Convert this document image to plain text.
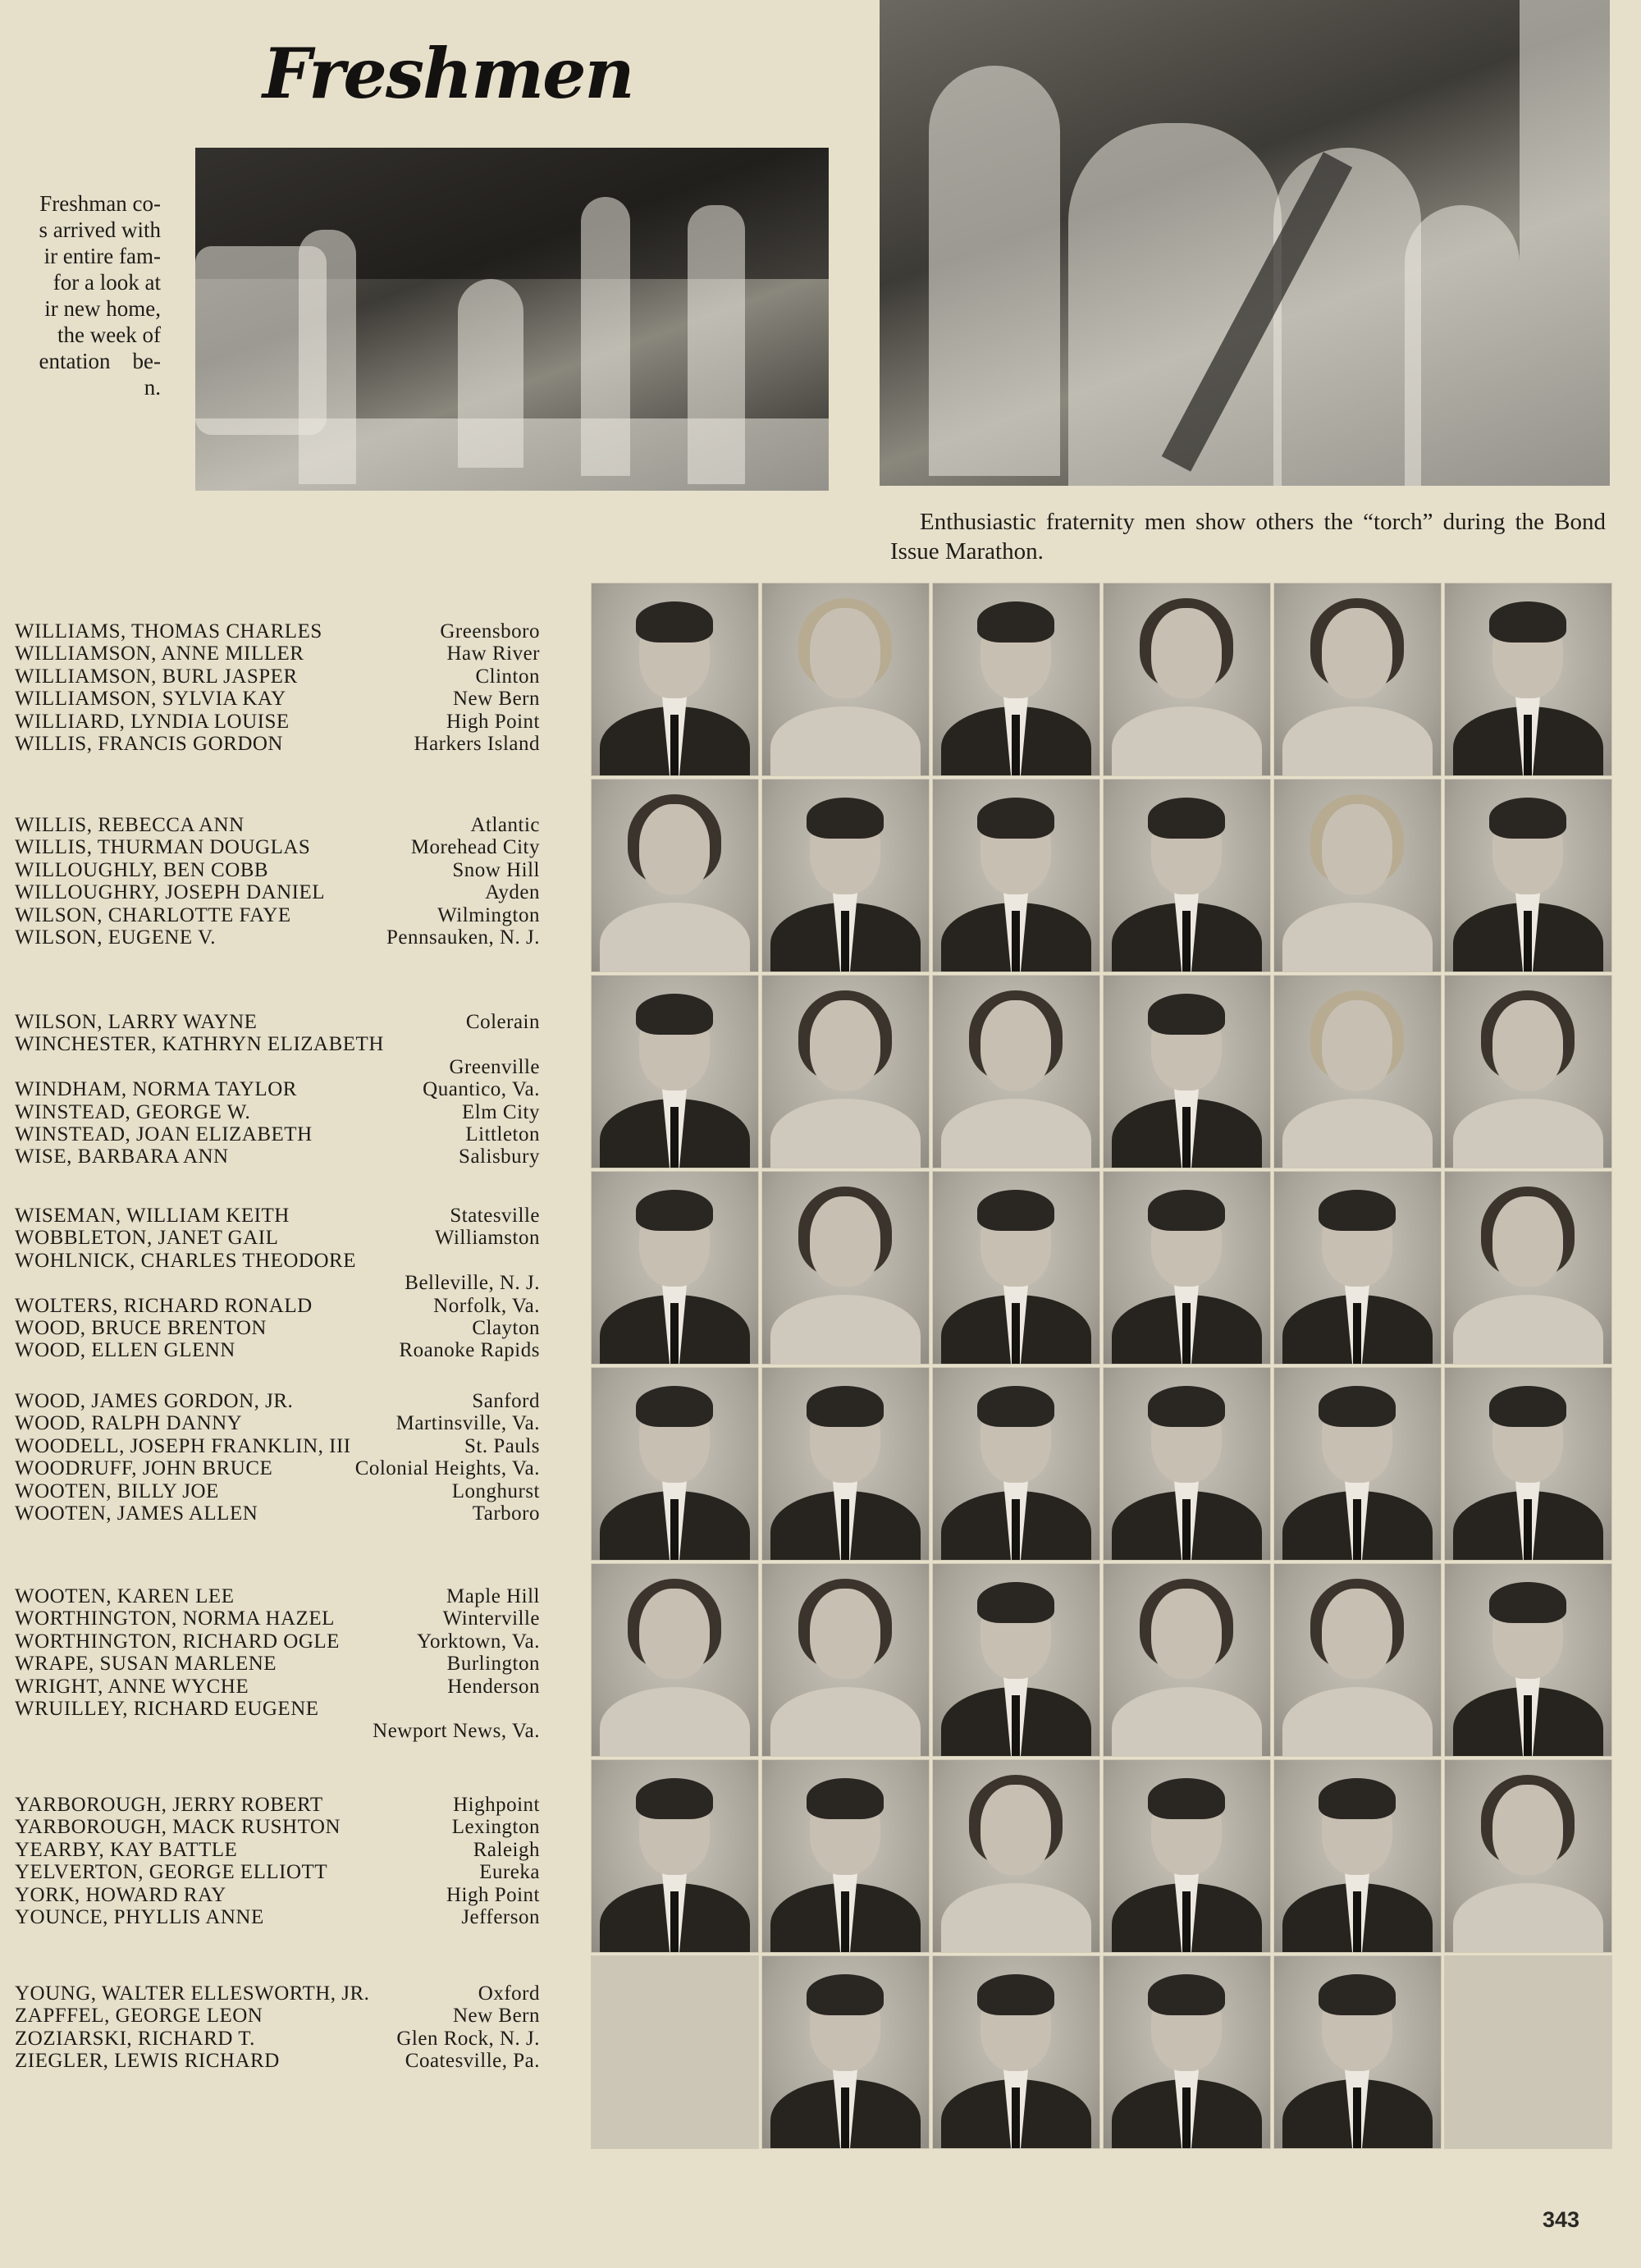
Freshmen
Freshman co-
s arrived with
ir entire fam-
for a look at
ir new home,
the week of
entation    be-
n.
Enthusiastic fraternity men show others the “torch” during the Bond Issue Marathon.
WILLIAMS, THOMAS CHARLES	Greensboro
WILLIAMSON, ANNE MILLER	Haw River
WILLIAMSON, BURL JASPER	Clinton
WILLIAMSON, SYLVIA KAY	New Bern
WILLIARD, LYNDIA LOUISE	High Point
WILLIS, FRANCIS GORDON	Harkers Island
WILLIS, REBECCA ANN	Atlantic
WILLIS, THURMAN DOUGLAS	Morehead City
WILLOUGHLY, BEN COBB	Snow Hill
WILLOUGHRY, JOSEPH DANIEL	Ayden
WILSON, CHARLOTTE FAYE	Wilmington
WILSON, EUGENE V.	Pennsauken, N. J.
WILSON, LARRY WAYNE	Colerain
WINCHESTER, KATHRYN ELIZABETH
Greenville
WINDHAM, NORMA TAYLOR	Quantico, Va.
WINSTEAD, GEORGE W.	Elm City
WINSTEAD, JOAN ELIZABETH	Littleton
WISE, BARBARA ANN	Salisbury
WISEMAN, WILLIAM KEITH	Statesville
WOBBLETON, JANET GAIL	Williamston
WOHLNICK, CHARLES THEODORE
Belleville, N. J.
WOLTERS, RICHARD RONALD	Norfolk, Va.
WOOD, BRUCE BRENTON	Clayton
WOOD, ELLEN GLENN	Roanoke Rapids
WOOD, JAMES GORDON, JR.	Sanford
WOOD, RALPH DANNY	Martinsville, Va.
WOODELL, JOSEPH FRANKLIN, III	St. Pauls
WOODRUFF, JOHN BRUCE	Colonial Heights, Va.
WOOTEN, BILLY JOE	Longhurst
WOOTEN, JAMES ALLEN	Tarboro
WOOTEN, KAREN LEE	Maple Hill
WORTHINGTON, NORMA HAZEL	Winterville
WORTHINGTON, RICHARD OGLE	Yorktown, Va.
WRAPE, SUSAN MARLENE	Burlington
WRIGHT, ANNE WYCHE	Henderson
WRUILLEY, RICHARD EUGENE
Newport News, Va.
YARBOROUGH, JERRY ROBERT	Highpoint
YARBOROUGH, MACK RUSHTON	Lexington
YEARBY, KAY BATTLE	Raleigh
YELVERTON, GEORGE ELLIOTT	Eureka
YORK, HOWARD RAY	High Point
YOUNCE, PHYLLIS ANNE	Jefferson
YOUNG, WALTER ELLESWORTH, JR.	Oxford
ZAPFFEL, GEORGE LEON	New Bern
ZOZIARSKI, RICHARD T.	Glen Rock, N. J.
ZIEGLER, LEWIS RICHARD	Coatesville, Pa.
343
